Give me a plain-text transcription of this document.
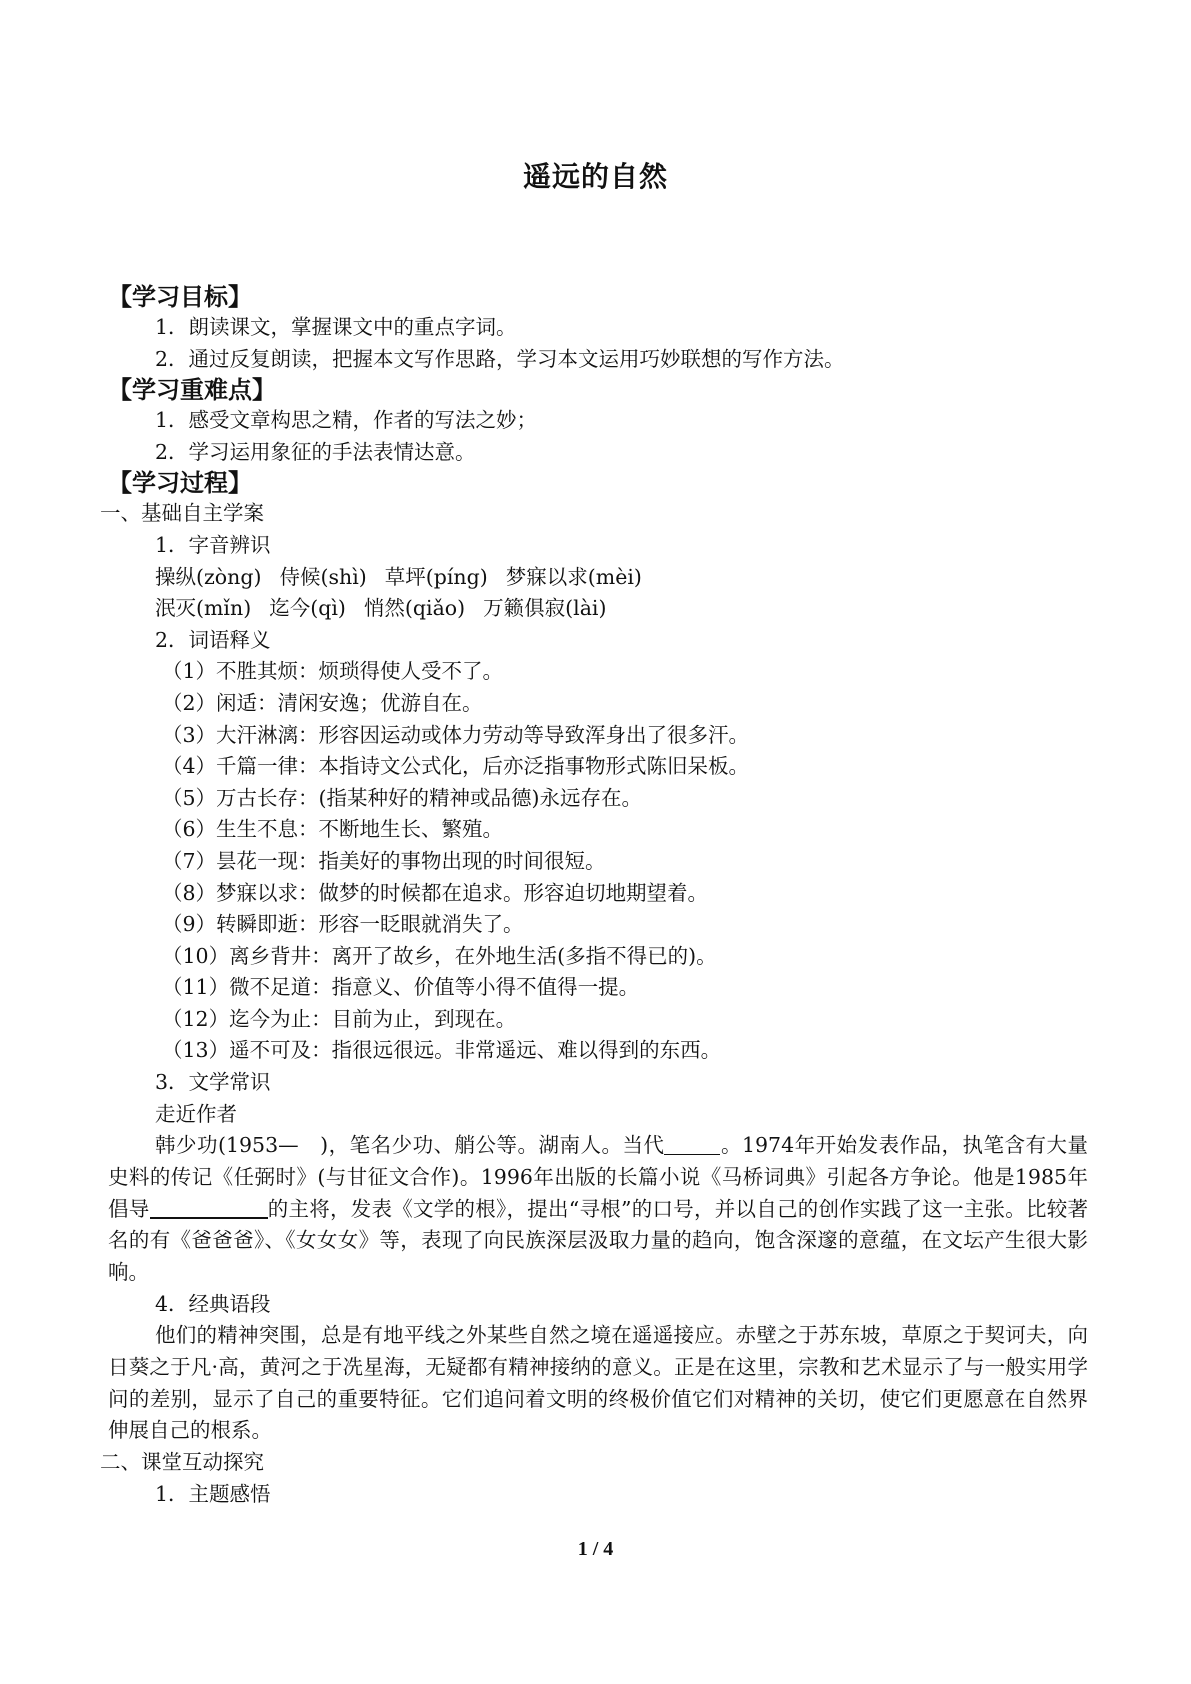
遥远的自然
【学习目标】
1．朗读课文，掌握课文中的重点字词。
2．通过反复朗读，把握本文写作思路，学习本文运用巧妙联想的写作方法。
【学习重难点】
1．感受文章构思之精，作者的写法之妙；
2．学习运用象征的手法表情达意。
【学习过程】
一、基础自主学案
1．字音辨识
操纵(zòng) 侍候(shì) 草坪(píng) 梦寐以求(mèi)
泯灭(mǐn) 迄今(qì) 悄然(qiǎo) 万籁俱寂(lài)
2．词语释义
（1）不胜其烦：烦琐得使人受不了。
（2）闲适：清闲安逸；优游自在。
（3）大汗淋漓：形容因运动或体力劳动等导致浑身出了很多汗。
（4）千篇一律：本指诗文公式化，后亦泛指事物形式陈旧呆板。
（5）万古长存：(指某种好的精神或品德)永远存在。
（6）生生不息：不断地生长、繁殖。
（7）昙花一现：指美好的事物出现的时间很短。
（8）梦寐以求：做梦的时候都在追求。形容迫切地期望着。
（9）转瞬即逝：形容一眨眼就消失了。
（10）离乡背井：离开了故乡，在外地生活(多指不得已的)。
（11）微不足道：指意义、价值等小得不值得一提。
（12）迄今为止：目前为止，到现在。
（13）遥不可及：指很远很远。非常遥远、难以得到的东西。
3．文学常识
走近作者
韩少功(1953—　)，笔名少功、艄公等。湖南人。当代	。1974年开始发表作品，执笔含有大量史料的传记《任弼时》(与甘征文合作)。1996年出版的长篇小说《马桥词典》引起各方争论。他是1985年倡导	的主将，发表《文学的根》，提出“寻根”的口号，并以自己的创作实践了这一主张。比较著名的有《爸爸爸》、《女女女》等，表现了向民族深层汲取力量的趋向，饱含深邃的意蕴，在文坛产生很大影响。
4．经典语段
他们的精神突围，总是有地平线之外某些自然之境在遥遥接应。赤壁之于苏东坡，草原之于契诃夫，向日葵之于凡·高，黄河之于冼星海，无疑都有精神接纳的意义。正是在这里，宗教和艺术显示了与一般实用学问的差别，显示了自己的重要特征。它们追问着文明的终极价值它们对精神的关切，使它们更愿意在自然界伸展自己的根系。
二、课堂互动探究
1．主题感悟
1 / 4
